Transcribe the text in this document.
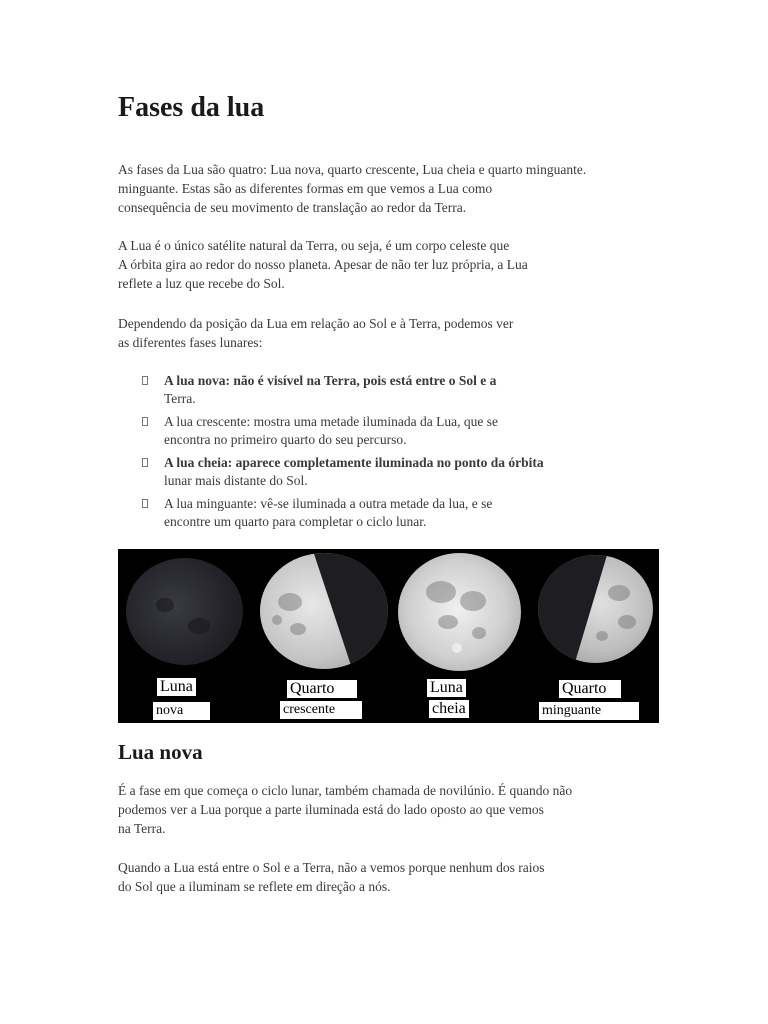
Fases da lua

As fases da Lua são quatro: Lua nova, quarto crescente, Lua cheia e quarto minguante.
minguante. Estas são as diferentes formas em que vemos a Lua como
consequência de seu movimento de translação ao redor da Terra.

A Lua é o único satélite natural da Terra, ou seja, é um corpo celeste que
A órbita gira ao redor do nosso planeta. Apesar de não ter luz própria, a Lua
reflete a luz que recebe do Sol.

Dependendo da posição da Lua em relação ao Sol e à Terra, podemos ver
as diferentes fases lunares:

A lua nova: não é visível na Terra, pois está entre o Sol e a
Terra.
A lua crescente: mostra uma metade iluminada da Lua, que se
encontra no primeiro quarto do seu percurso.
A lua cheia: aparece completamente iluminada no ponto da órbita
lunar mais distante do Sol.
A lua minguante: vê-se iluminada a outra metade da lua, e se
encontre um quarto para completar o ciclo lunar.
Lua nova

É a fase em que começa o ciclo lunar, também chamada de novilúnio. É quando não
podemos ver a Lua porque a parte iluminada está do lado oposto ao que vemos
na Terra.

Quando a Lua está entre o Sol e a Terra, não a vemos porque nenhum dos raios
do Sol que a iluminam se reflete em direção a nós.

Luna
nova
Quarto
crescente
Luna
cheia
Quarto
minguante
